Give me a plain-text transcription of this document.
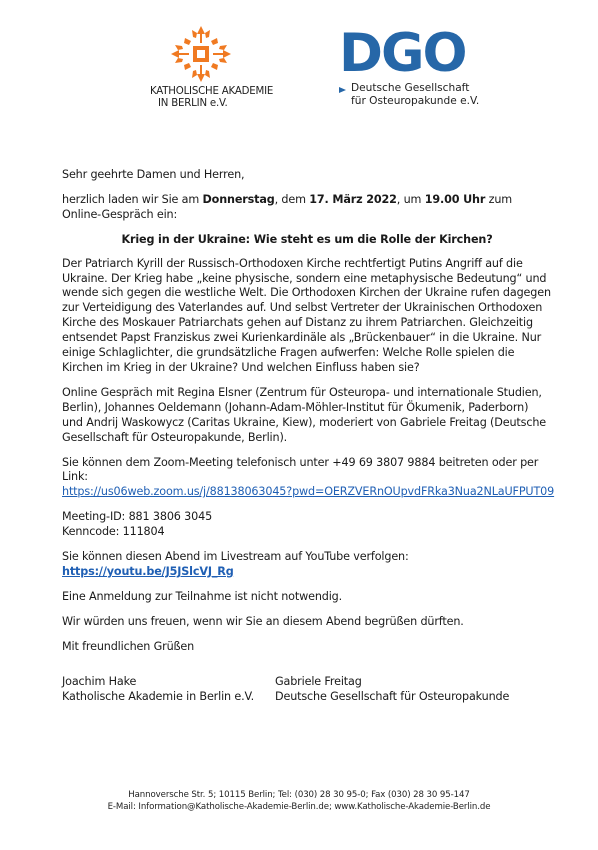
KATHOLISCHE AKADEMIE
IN BERLIN e.V.
DGO
Deutsche Gesellschaft
für Osteuropakunde e.V.

Sehr geehrte Damen und Herren,

herzlich laden wir Sie am Donnerstag, dem 17. März 2022, um 19.00 Uhr zum Online-Gespräch ein:

Krieg in der Ukraine: Wie steht es um die Rolle der Kirchen?

Der Patriarch Kyrill der Russisch-Orthodoxen Kirche rechtfertigt Putins Angriff auf die Ukraine. Der Krieg habe „keine physische, sondern eine metaphysische Bedeutung“ und wende sich gegen die westliche Welt. Die Orthodoxen Kirchen der Ukraine rufen dagegen zur Verteidigung des Vaterlandes auf. Und selbst Vertreter der Ukrainischen Orthodoxen Kirche des Moskauer Patriarchats gehen auf Distanz zu ihrem Patriarchen. Gleichzeitig entsendet Papst Franziskus zwei Kurienkardinäle als „Brückenbauer“ in die Ukraine. Nur einige Schlaglichter, die grundsätzliche Fragen aufwerfen: Welche Rolle spielen die Kirchen im Krieg in der Ukraine? Und welchen Einfluss haben sie?

Online Gespräch mit Regina Elsner (Zentrum für Osteuropa- und internationale Studien, Berlin), Johannes Oeldemann (Johann-Adam-Möhler-Institut für Ökumenik, Paderborn) und Andrij Waskowycz (Caritas Ukraine, Kiew), moderiert von Gabriele Freitag (Deutsche Gesellschaft für Osteuropakunde, Berlin).

Sie können dem Zoom-Meeting telefonisch unter +49 69 3807 9884 beitreten oder per Link:
https://us06web.zoom.us/j/88138063045?pwd=OERZVERnOUpvdFRka3Nua2NLaUFPUT09

Meeting-ID: 881 3806 3045
Kenncode: 111804

Sie können diesen Abend im Livestream auf YouTube verfolgen:
https://youtu.be/J5JSlcVJ_Rg

Eine Anmeldung zur Teilnahme ist nicht notwendig.

Wir würden uns freuen, wenn wir Sie an diesem Abend begrüßen dürften.

Mit freundlichen Grüßen

Joachim Hake
Katholische Akademie in Berlin e.V.
Gabriele Freitag
Deutsche Gesellschaft für Osteuropakunde
Hannoversche Str. 5; 10115 Berlin; Tel: (030) 28 30 95-0; Fax (030) 28 30 95-147
E-Mail: Information@Katholische-Akademie-Berlin.de; www.Katholische-Akademie-Berlin.de
